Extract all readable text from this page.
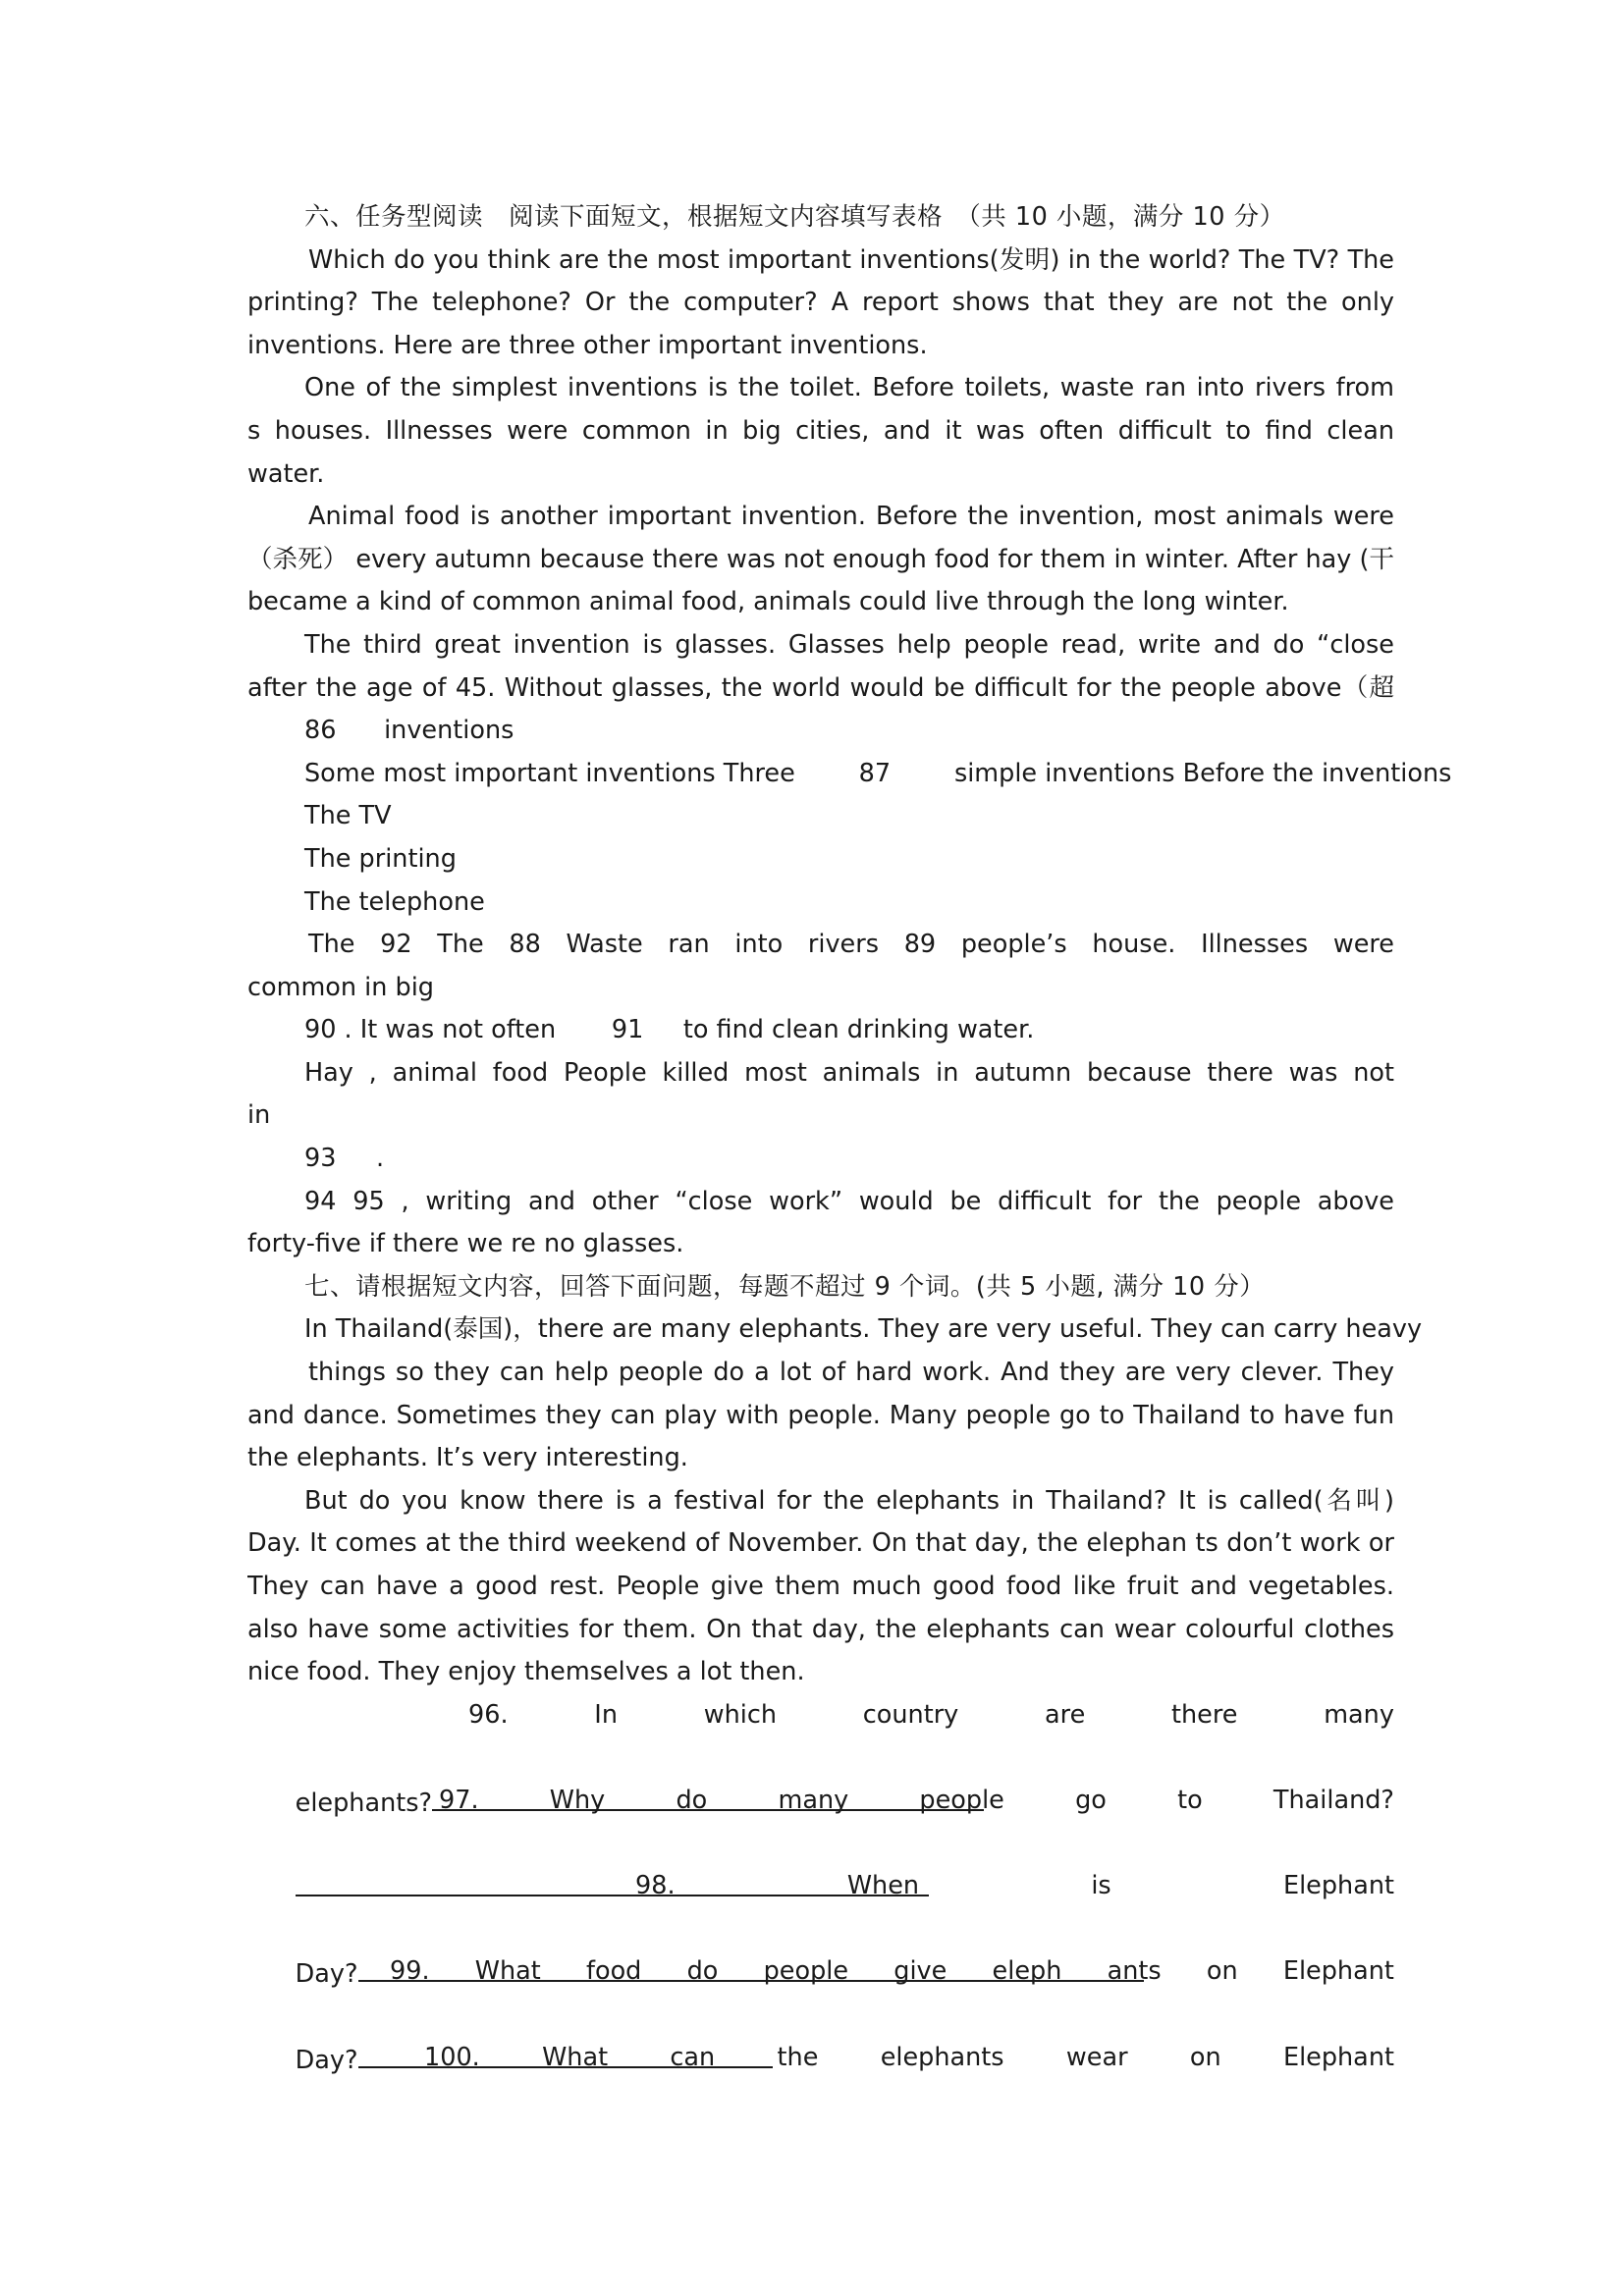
六、任务型阅读　阅读下面短文，根据短文内容填写表格　（共 10 小题，满分 10 分）
Which do you think are the most important inventions(发明) in the world? The TV? The
printing? The telephone? Or the computer? A report shows that they are not the only
inventions. Here are three other important inventions.
One of the simplest inventions is the toilet. Before toilets, waste ran into rivers from
s houses. Illnesses were common in big cities, and it was often difficult to find clean
water.
Animal food is another important invention. Before the invention, most animals were
（杀死） every autumn because there was not enough food for them in winter. After hay (干
became a kind of common animal food, animals could live through the long winter.
The third great invention is glasses. Glasses help people read, write and do “close
after the age of 45. Without glasses, the world would be difficult for the people above（超
86      inventions
Some most important inventions Three        87        simple inventions Before the inventions
The TV
The printing
The telephone
The 92 The 88 Waste ran into rivers 89 people’s house. Illnesses were
common in big
90 . It was not often       91     to find clean drinking water.
Hay , animal food People killed most animals in autumn because there was not
in
93     .
94 95 , writing and other “close work” would be difficult for the people above
forty-five if there we re no glasses.
七、请根据短文内容，回答下面问题，每题不超过 9 个词。(共 5 小题, 满分 10 分）
In Thailand(泰国)，there are many elephants. They are very useful. They can carry heavy
things so they can help people do a lot of hard work. And they are very clever. They
and dance. Sometimes they can play with people. Many people go to Thailand to have fun
the elephants. It’s very interesting.
But do you know there is a festival for the elephants in Thailand? It is called(名叫)
Day. It comes at the third weekend of November. On that day, the elephan ts don’t work or
They can have a good rest. People give them much good food like fruit and vegetables.
also have some activities for them. On that day, the elephants can wear colourful clothes
nice food. They enjoy themselves a lot then.
96.	In	which	country	are	there	many

elephants?
97.	Why	do	many	people	go	to	Thailand?

98.	When	is	Elephant

Day?
	99. What food do people give eleph ants on Elephant

Day?
	100. What can the elephants wear on Elephant
